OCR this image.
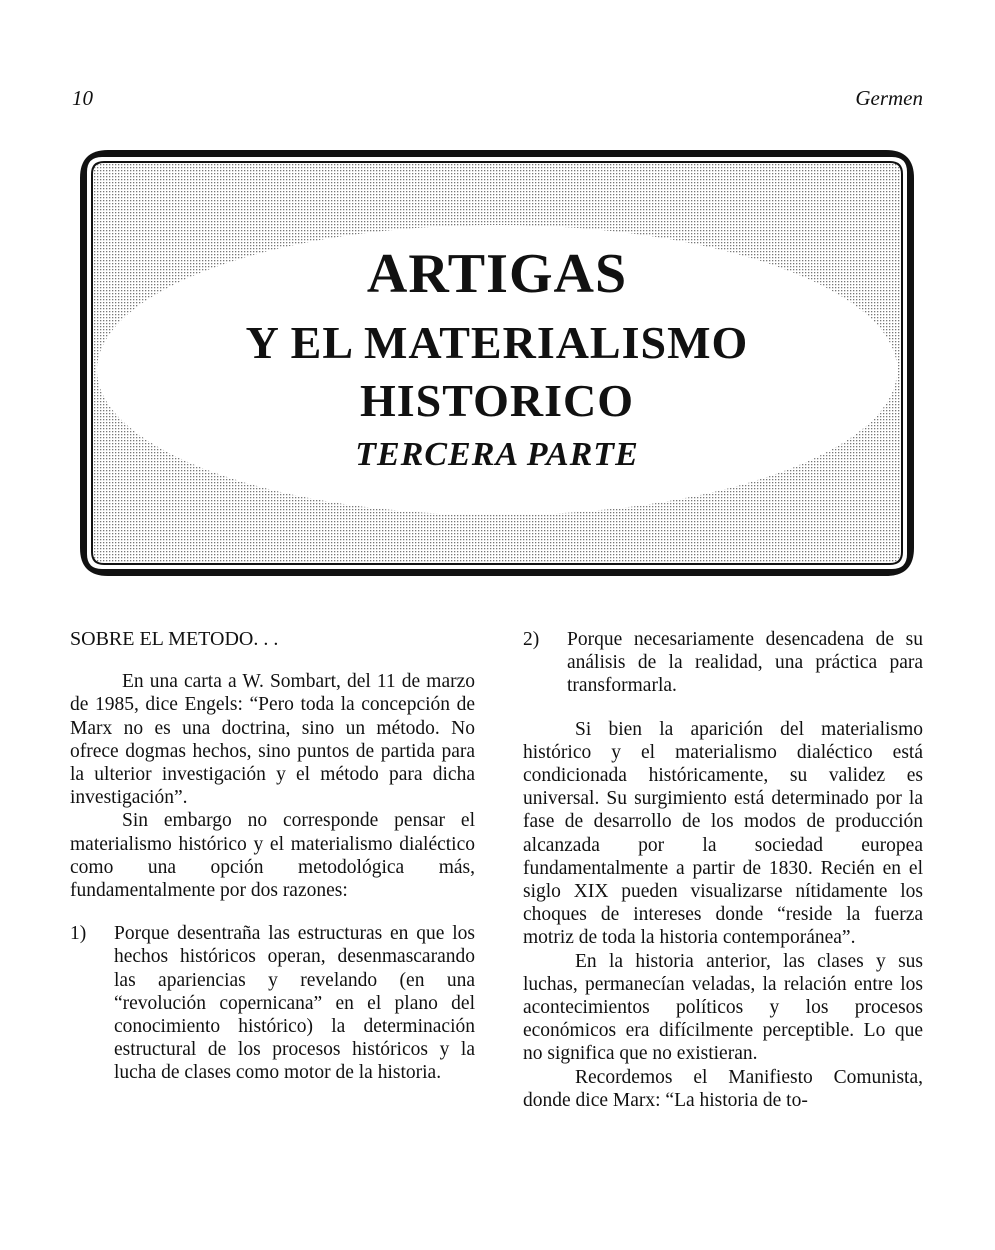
10	Germen
ARTIGAS
Y EL MATERIALISMO
HISTORICO
TERCERA PARTE

SOBRE EL METODO. . .

En una carta a W. Sombart, del 11 de marzo de 1985, dice Engels: “Pero toda la concepción de Marx no es una doctrina, sino un método. No ofrece dogmas hechos, sino puntos de partida para la ulterior investigación y el método para dicha investigación”.

Sin embargo no corresponde pensar el materialismo histórico y el materialismo dialéctico como una opción metodológica más, fundamentalmente por dos razones:

1)	Porque desentraña las estructuras en que los hechos históricos operan, desenmascarando las apariencias y revelando (en una “revolución copernicana” en el plano del conocimiento histórico) la determinación estructural de los procesos históricos y la lucha de clases como motor de la historia.
2)	Porque necesariamente desencadena de su análisis de la realidad, una práctica para transformarla.

Si bien la aparición del materialismo histórico y el materialismo dialéctico está condicionada históricamente, su validez es universal. Su surgimiento está determinado por la fase de desarrollo de los modos de producción alcanzada por la sociedad europea fundamentalmente a partir de 1830. Recién en el siglo XIX pueden visualizarse nítidamente los choques de intereses donde “reside la fuerza motriz de toda la historia contemporánea”.

En la historia anterior, las clases y sus luchas, permanecían veladas, la relación entre los acontecimientos políticos y los procesos económicos era difícilmente perceptible. Lo que no significa que no existieran.

Recordemos el Manifiesto Comunista, donde dice Marx: “La historia de to-
